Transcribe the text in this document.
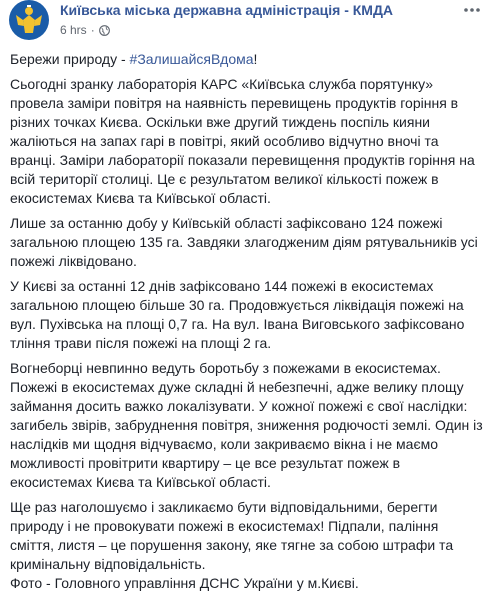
Київська міська державна адміністрація - КМДА
6 hrs ·

Бережи природу - #ЗалишайсяВдома!

Сьогодні зранку лабораторія КАРС «Київська служба порятунку» провела заміри повітря на наявність перевищень продуктів горіння в різних точках Києва. Оскільки вже другий тиждень поспіль кияни жаліються на запах гарі в повітрі, який особливо відчутно вночі та вранці. Заміри лабораторії показали перевищення продуктів горіння на всій території столиці. Це є результатом великої кількості пожеж в екосистемах Києва та Київської області.

Лише за останню добу у Київській області зафіксовано 124 пожежі загальною площею 135 га. Завдяки злагодженим діям рятувальників усі пожежі ліквідовано.

У Києві за останні 12 днів зафіксовано 144 пожежі в екосистемах загальною площею більше 30 га. Продовжується ліквідація пожежі на вул. Пухівська на площі 0,7 га. На вул. Івана Виговського зафіксовано тління трави після пожежі на площі 2 га.

Вогнеборці невпинно ведуть боротьбу з пожежами в екосистемах. Пожежі в екосистемах дуже складні й небезпечні, адже велику площу займання досить важко локалізувати. У кожної пожежі є свої наслідки: загибель звірів, забруднення повітря, зниження родючості землі. Один із наслідків ми щодня відчуваємо, коли закриваємо вікна і не маємо можливості провітрити квартиру – це все результат пожеж в екосистемах Києва та Київської області.

Ще раз наголошуємо і закликаємо бути відповідальними, берегти природу і не провокувати пожежі в екосистемах! Підпали, паління сміття, листя – це порушення закону, яке тягне за собою штрафи та кримінальну відповідальність.

Фото - Головного управління ДСНС України у м.Києві.
